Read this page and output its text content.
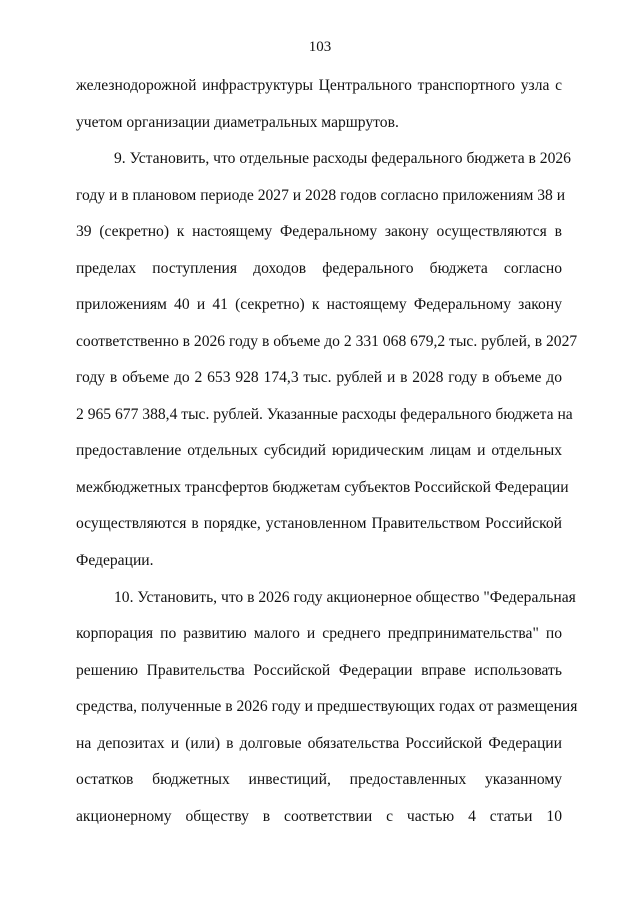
103
железнодорожной инфраструктуры Центрального транспортного узла с
учетом организации диаметральных маршрутов.
9. Установить, что отдельные расходы федерального бюджета в 2026
году и в плановом периоде 2027 и 2028 годов согласно приложениям 38 и
39 (секретно) к настоящему Федеральному закону осуществляются в
пределах поступления доходов федерального бюджета согласно
приложениям 40 и 41 (секретно) к настоящему Федеральному закону
соответственно в 2026 году в объеме до 2 331 068 679,2 тыс. рублей, в 2027
году в объеме до 2 653 928 174,3 тыс. рублей и в 2028 году в объеме до
2 965 677 388,4 тыс. рублей. Указанные расходы федерального бюджета на
предоставление отдельных субсидий юридическим лицам и отдельных
межбюджетных трансфертов бюджетам субъектов Российской Федерации
осуществляются в порядке, установленном Правительством Российской
Федерации.
10. Установить, что в 2026 году акционерное общество "Федеральная
корпорация по развитию малого и среднего предпринимательства" по
решению Правительства Российской Федерации вправе использовать
средства, полученные в 2026 году и предшествующих годах от размещения
на депозитах и (или) в долговые обязательства Российской Федерации
остатков бюджетных инвестиций, предоставленных указанному
акционерному обществу в соответствии с частью 4 статьи 10
